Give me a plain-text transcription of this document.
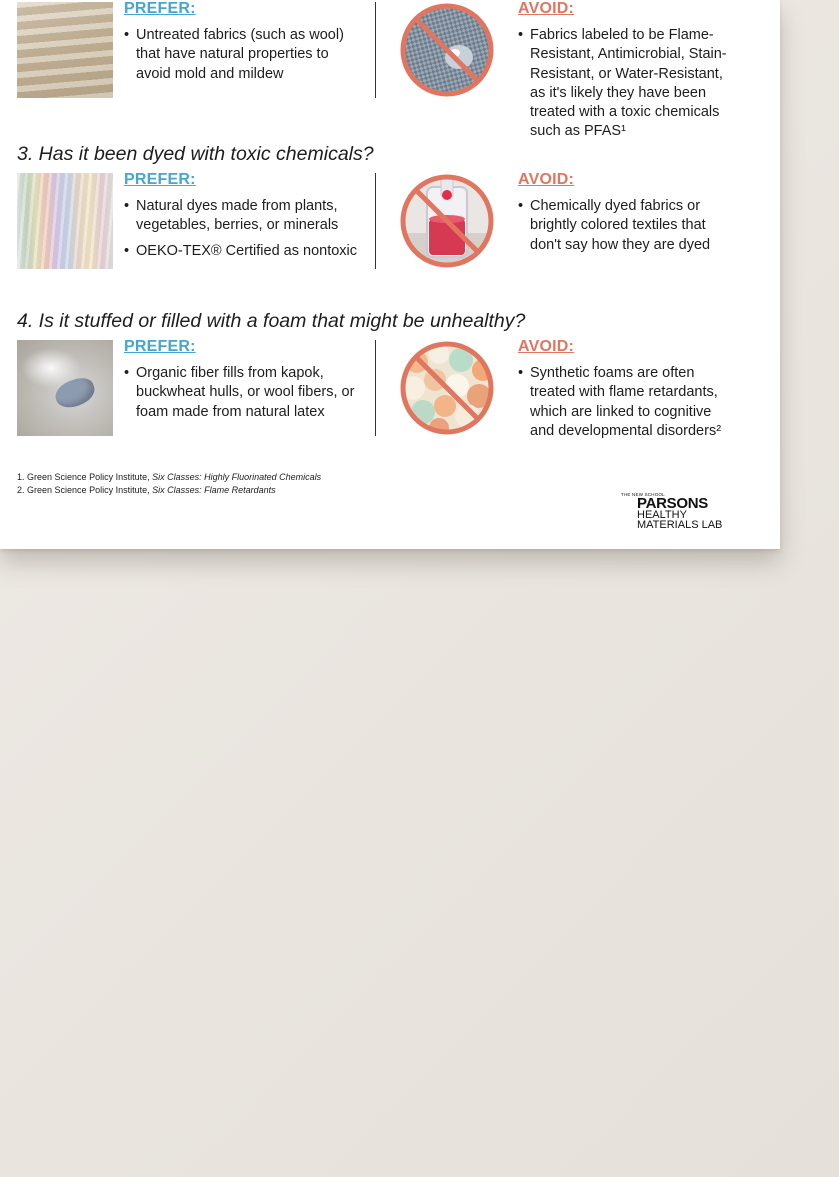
PREFER:

• Untreated fabrics (such as wool) that have natural properties to avoid mold and mildew

AVOID:

• Fabrics labeled to be Flame-Resistant, Antimicrobial, Stain-Resistant, or Water-Resistant, as it's likely they have been treated with a toxic chemicals such as PFAS¹
3. Has it been dyed with toxic chemicals?

PREFER:

• Natural dyes made from plants, vegetables, berries, or minerals
• OEKO-TEX® Certified as nontoxic

AVOID:

• Chemically dyed fabrics or brightly colored textiles that don't say how they are dyed
4. Is it stuffed or filled with a foam that might be unhealthy?

PREFER:

• Organic fiber fills from kapok, buckwheat hulls, or wool fibers, or foam made from natural latex

AVOID:

• Synthetic foams are often treated with flame retardants, which are linked to cognitive and developmental disorders²
1. Green Science Policy Institute, Six Classes: Highly Fluorinated Chemicals
2. Green Science Policy Institute, Six Classes: Flame Retardants	THE NEW SCHOOL
PARSONS
HEALTHY
MATERIALS LAB
